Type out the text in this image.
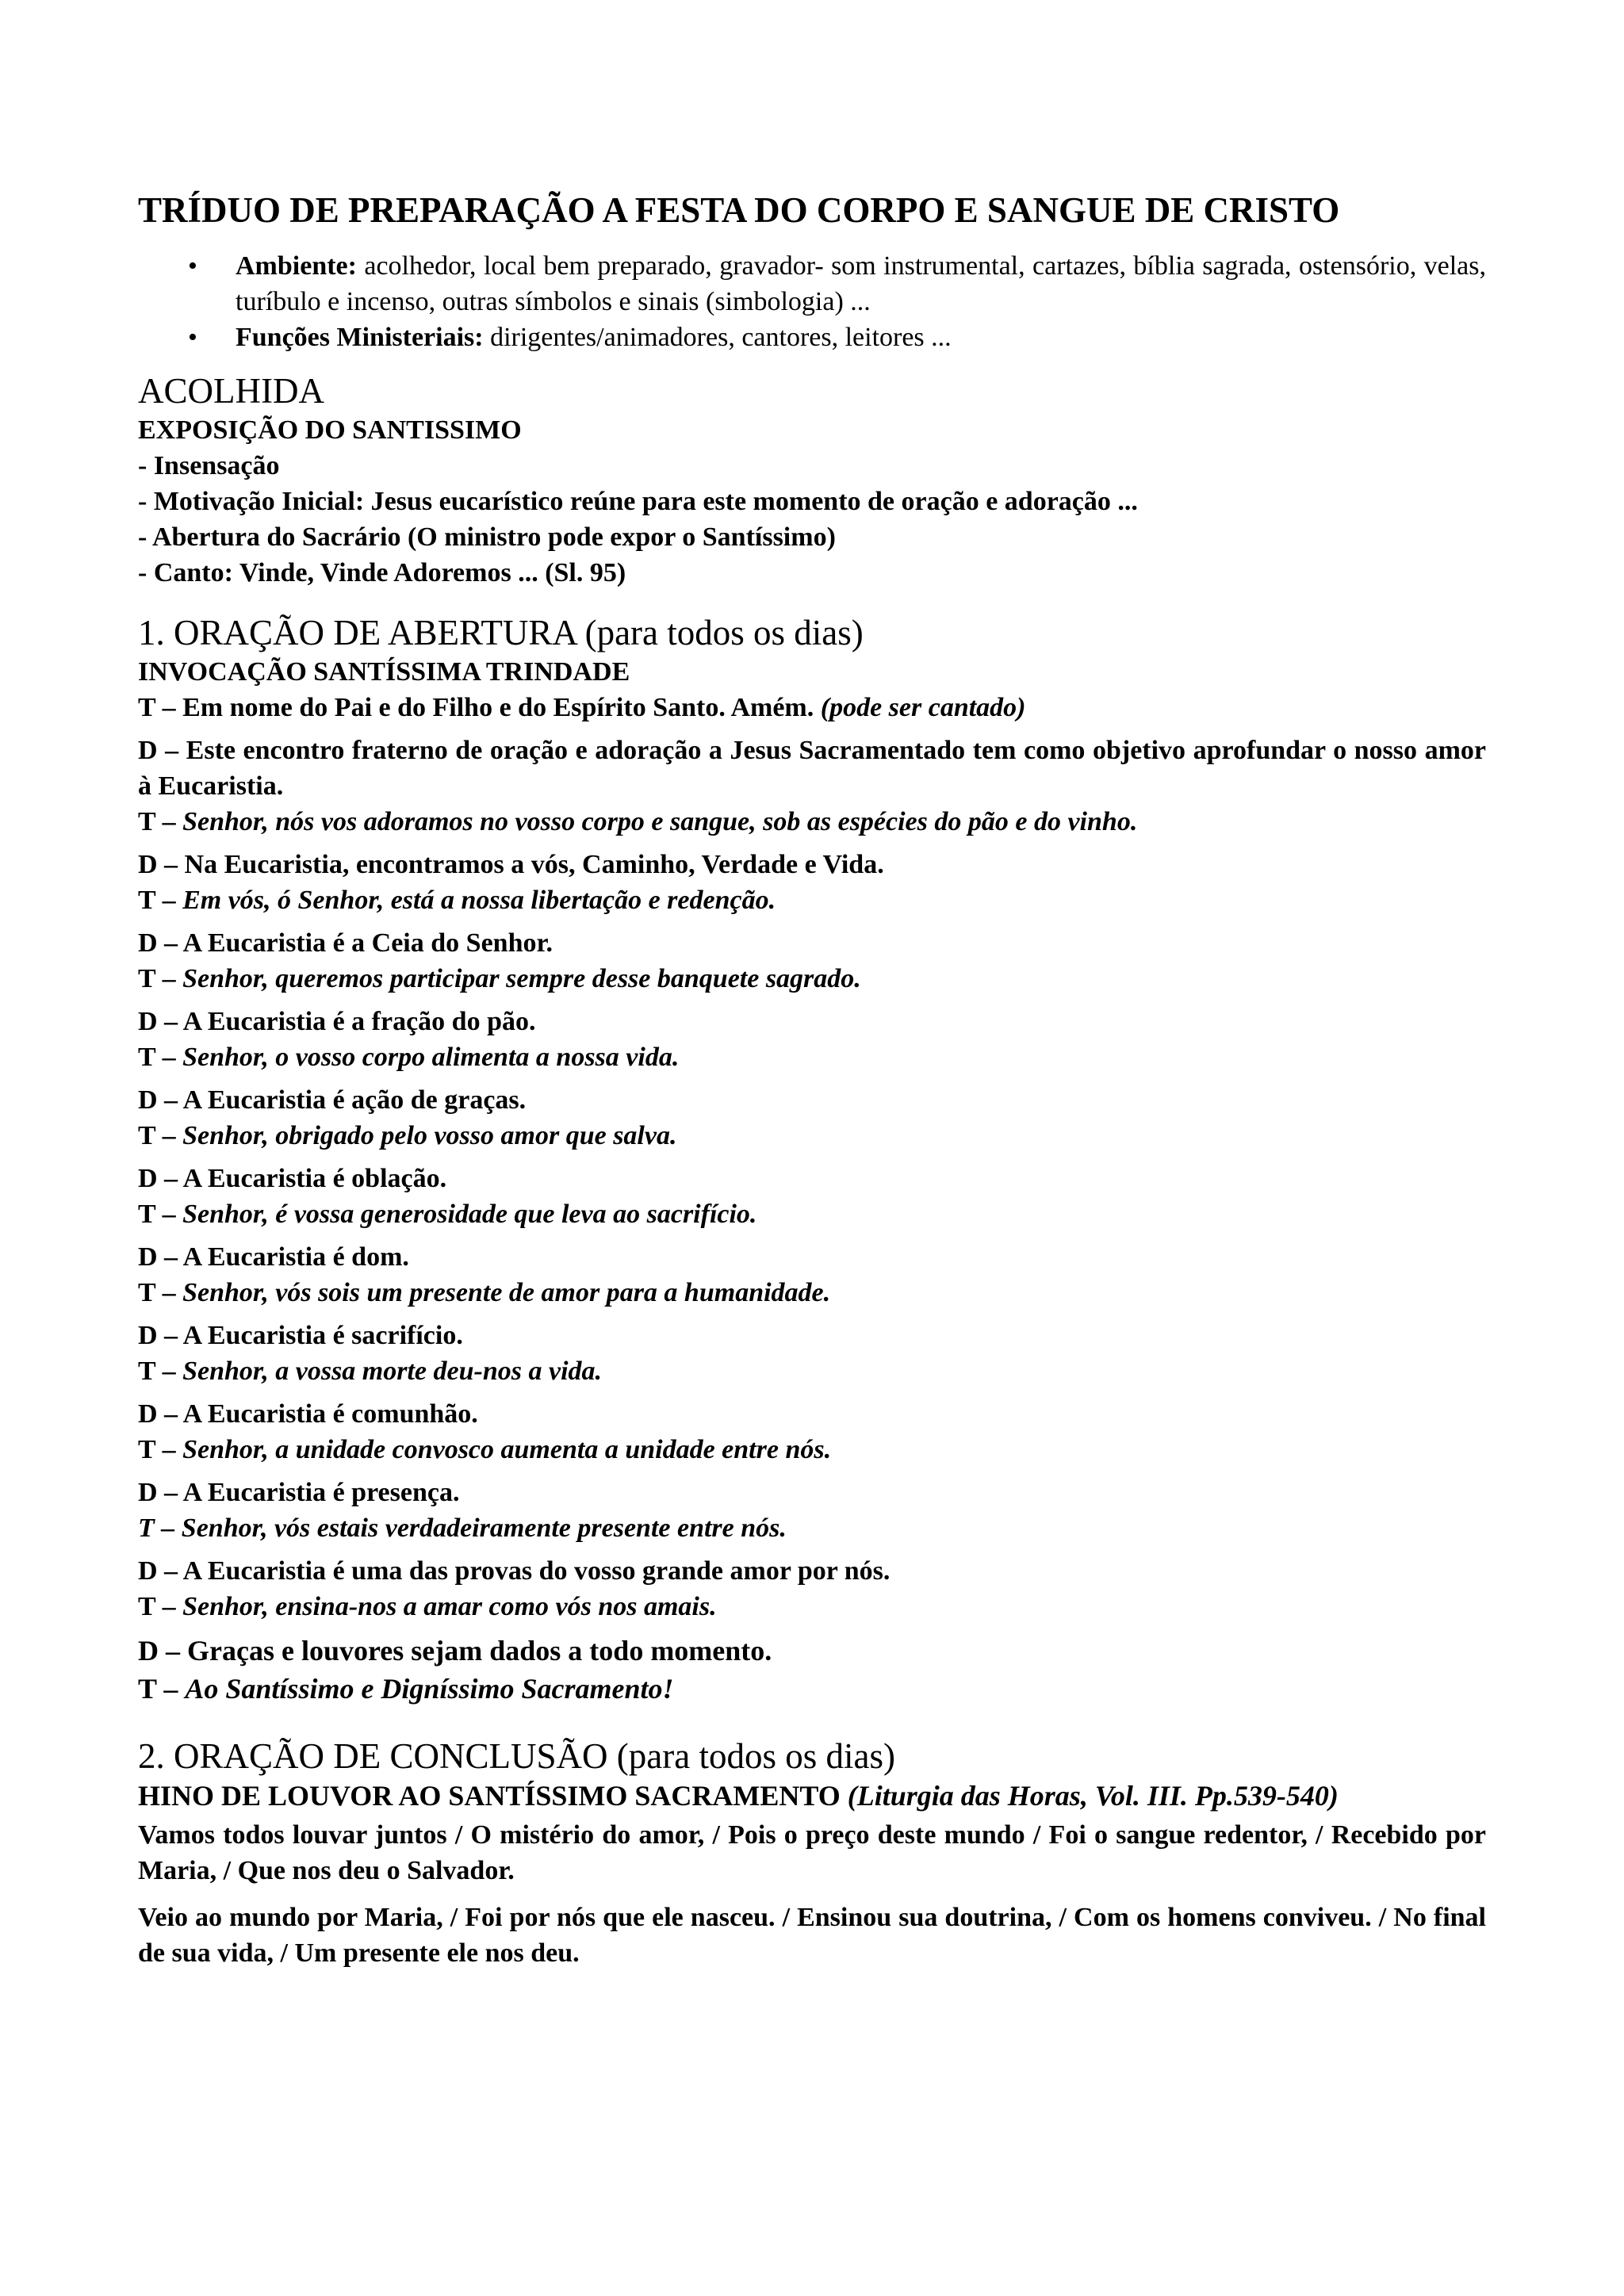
TRÍDUO DE PREPARAÇÃO A FESTA DO CORPO E SANGUE DE CRISTO
• Ambiente: acolhedor, local bem preparado, gravador- som instrumental, cartazes, bíblia sagrada, ostensório, velas, turíbulo e incenso, outras símbolos e sinais (simbologia) ...
• Funções Ministeriais: dirigentes/animadores, cantores, leitores ...
ACOLHIDA

EXPOSIÇÃO DO SANTISSIMO

- Insensação

- Motivação Inicial: Jesus eucarístico reúne para este momento de oração e adoração ...

- Abertura do Sacrário (O ministro pode expor o Santíssimo)

- Canto: Vinde, Vinde Adoremos ... (Sl. 95)

1. ORAÇÃO DE ABERTURA (para todos os dias)

INVOCAÇÃO SANTÍSSIMA TRINDADE

T – Em nome do Pai e do Filho e do Espírito Santo. Amém. (pode ser cantado)

D – Este encontro fraterno de oração e adoração a Jesus Sacramentado tem como objetivo aprofundar o nosso amor à Eucaristia.

T – Senhor, nós vos adoramos no vosso corpo e sangue, sob as espécies do pão e do vinho.

D – Na Eucaristia, encontramos a vós, Caminho, Verdade e Vida.

T – Em vós, ó Senhor, está a nossa libertação e redenção.

D – A Eucaristia é a Ceia do Senhor.

T – Senhor, queremos participar sempre desse banquete sagrado.

D – A Eucaristia é a fração do pão.

T – Senhor, o vosso corpo alimenta a nossa vida.

D – A Eucaristia é ação de graças.

T – Senhor, obrigado pelo vosso amor que salva.

D – A Eucaristia é oblação.

T – Senhor, é vossa generosidade que leva ao sacrifício.

D – A Eucaristia é dom.

T – Senhor, vós sois um presente de amor para a humanidade.

D – A Eucaristia é sacrifício.

T – Senhor, a vossa morte deu-nos a vida.

D – A Eucaristia é comunhão.

T – Senhor, a unidade convosco aumenta a unidade entre nós.

D – A Eucaristia é presença.

T – Senhor, vós estais verdadeiramente presente entre nós.

D – A Eucaristia é uma das provas do vosso grande amor por nós.

T – Senhor, ensina-nos a amar como vós nos amais.

D – Graças e louvores sejam dados a todo momento.

T – Ao Santíssimo e Digníssimo Sacramento!

2. ORAÇÃO DE CONCLUSÃO (para todos os dias)

HINO DE LOUVOR AO SANTÍSSIMO SACRAMENTO (Liturgia das Horas, Vol. III. Pp.539-540)

Vamos todos louvar juntos / O mistério do amor, / Pois o preço deste mundo / Foi o sangue redentor, / Recebido por Maria, / Que nos deu o Salvador.

Veio ao mundo por Maria, / Foi por nós que ele nasceu. / Ensinou sua doutrina, / Com os homens conviveu. / No final de sua vida, / Um presente ele nos deu.
